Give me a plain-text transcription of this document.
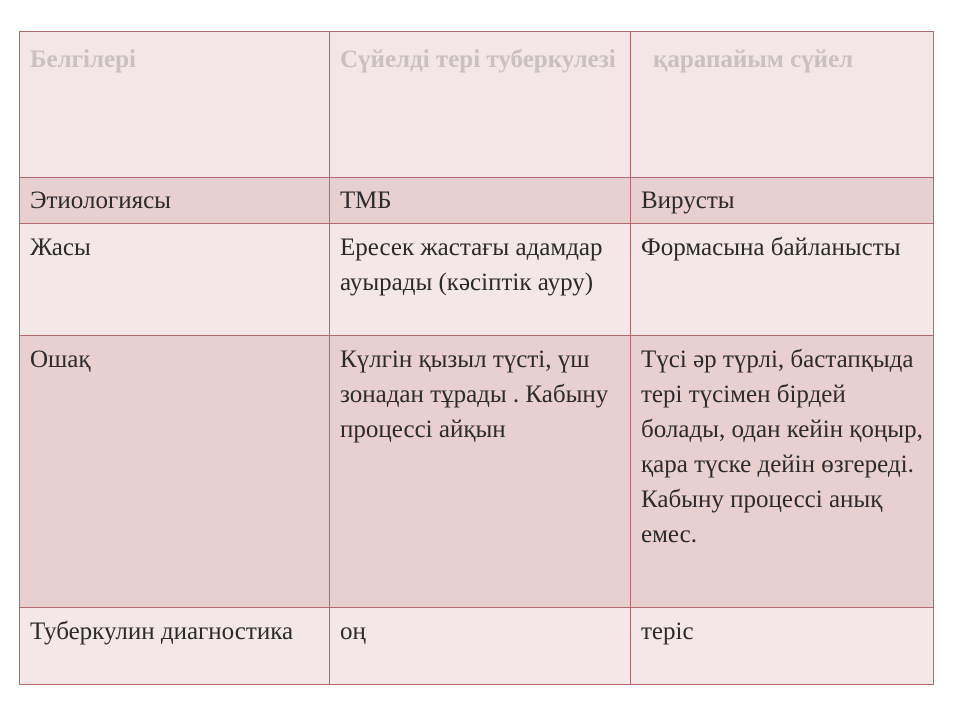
Белгілері	Сүйелді тері туберкулезі	қарапайым сүйел
Этиологиясы	ТМБ	Вирусты
Жасы	Ересек жастағы адамдар ауырады (кәсіптік ауру)	Формасына байланысты
Ошақ	Күлгін қызыл түсті, үш зонадан тұрады . Кабыну процессі айқын	Түсі әр түрлі, бастапқыда тері түсімен бірдей болады, одан кейін қоңыр, қара түске дейін өзгереді. Кабыну процессі анық емес.
Туберкулин диагностика	оң	теріс
